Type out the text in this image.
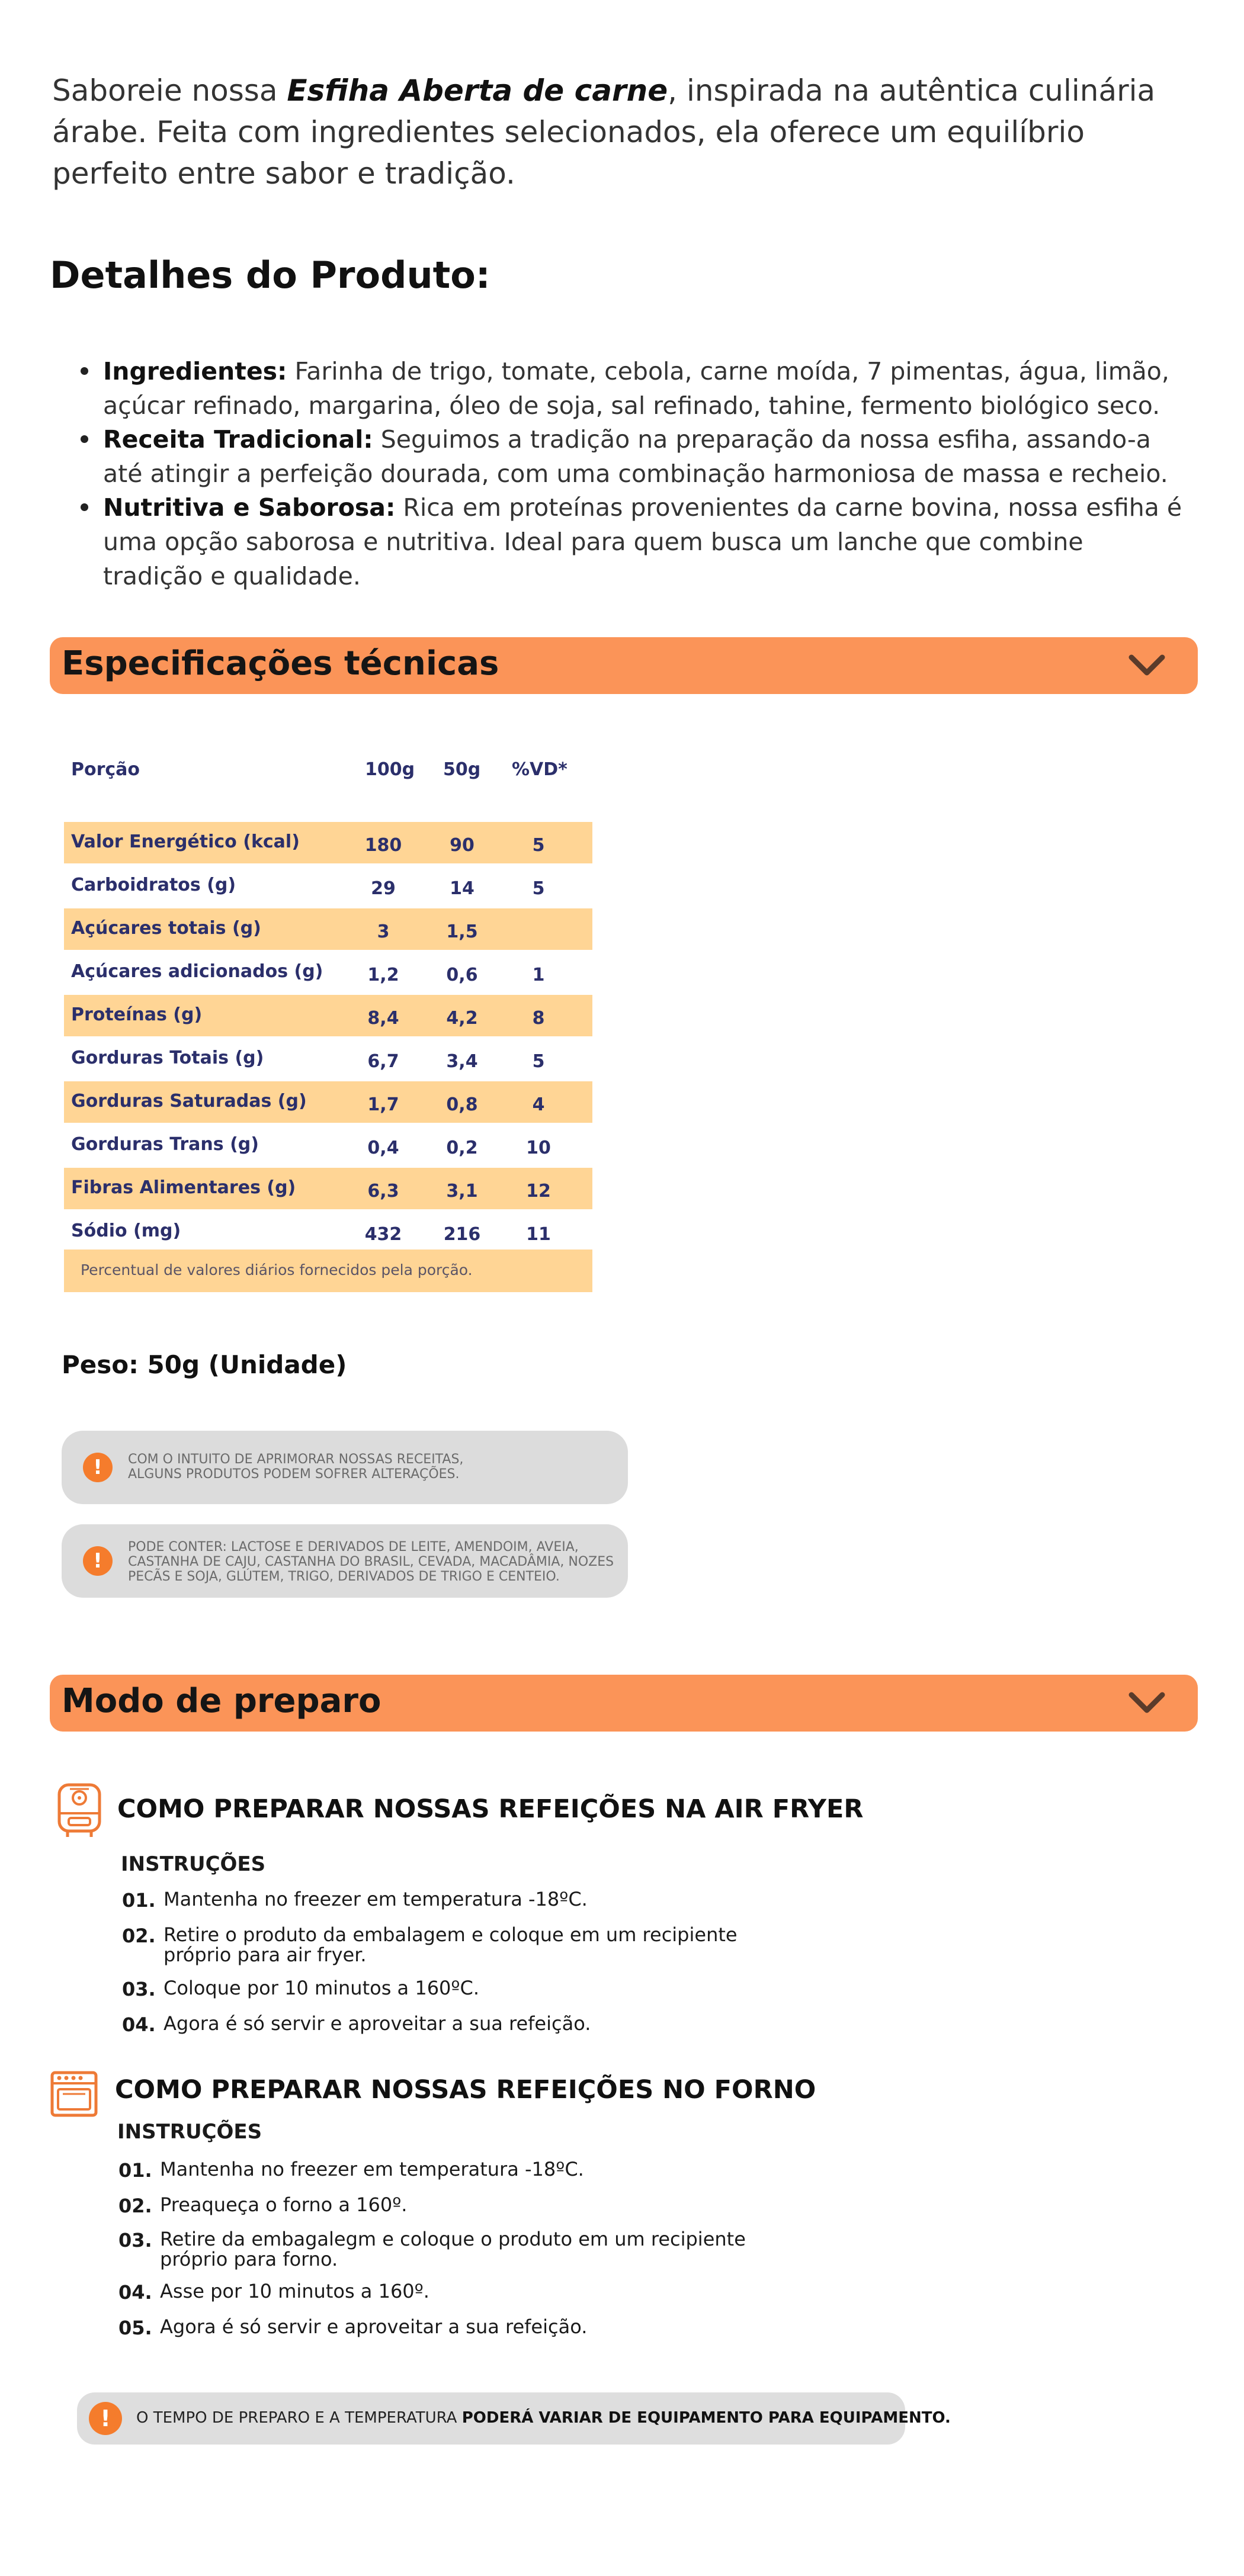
Saboreie nossa Esfiha Aberta de carne, inspirada na autêntica culinária árabe. Feita com ingredientes selecionados, ela oferece um equilíbrio perfeito entre sabor e tradição.

Detalhes do Produto:
Ingredientes: Farinha de trigo, tomate, cebola, carne moída, 7 pimentas, água, limão, açúcar refinado, margarina, óleo de soja, sal refinado, tahine, fermento biológico seco.
Receita Tradicional: Seguimos a tradição na preparação da nossa esfiha, assando-a até atingir a perfeição dourada, com uma combinação harmoniosa de massa e recheio.
Nutritiva e Saborosa: Rica em proteínas provenientes da carne bovina, nossa esfiha é uma opção saborosa e nutritiva. Ideal para quem busca um lanche que combine tradição e qualidade.
Especificações técnicas
Porção	100g 50g %VD*
Valor Energético (kcal)	180	90	5
Carboidratos (g)	29	14	5
Açúcares totais (g)	3	1,5
Açúcares adicionados (g)	1,2	0,6	1
Proteínas (g)	8,4	4,2	8
Gorduras Totais (g)	6,7	3,4	5
Gorduras Saturadas (g)	1,7	0,8	4
Gorduras Trans (g)	0,4	0,2	10
Fibras Alimentares (g)	6,3	3,1	12
Sódio (mg)	432	216	11
Percentual de valores diários fornecidos pela porção.
Peso: 50g (Unidade)
!	COM O INTUITO DE APRIMORAR NOSSAS RECEITAS,
ALGUNS PRODUTOS PODEM SOFRER ALTERAÇÕES.
!
PODE CONTER: LACTOSE E DERIVADOS DE LEITE, AMENDOIM, AVEIA,
CASTANHA DE CAJU, CASTANHA DO BRASIL, CEVADA, MACADÂMIA, NOZES
PECÃS E SOJA, GLÚTEM, TRIGO, DERIVADOS DE TRIGO E CENTEIO.
Modo de preparo
COMO PREPARAR NOSSAS REFEIÇÕES NA AIR FRYER
INSTRUÇÕES
01. Mantenha no freezer em temperatura -18ºC.
02. Retire o produto da embalagem e coloque em um recipiente próprio para air fryer.
03. Coloque por 10 minutos a 160ºC.
04. Agora é só servir e aproveitar a sua refeição.
COMO PREPARAR NOSSAS REFEIÇÕES NO FORNO
INSTRUÇÕES
01. Mantenha no freezer em temperatura -18ºC.
02. Preaqueça o forno a 160º.
03. Retire da embagalegm e coloque o produto em um recipiente próprio para forno.
04. Asse por 10 minutos a 160º.
05. Agora é só servir e aproveitar a sua refeição.
!	O TEMPO DE PREPARO E A TEMPERATURA PODERÁ VARIAR DE EQUIPAMENTO PARA EQUIPAMENTO.
